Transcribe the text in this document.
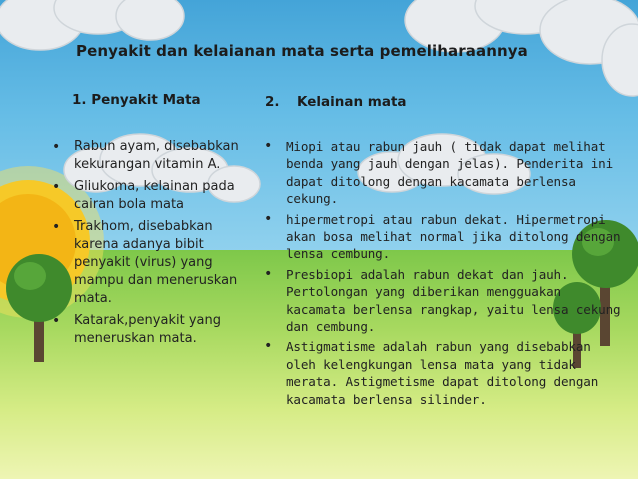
Penyakit dan kelaianan mata serta pemeliharaannya
1. Penyakit Mata	2. Kelainan mata
• Rabun ayam, disebabkan kekurangan vitamin A.
• Gliukoma, kelainan pada cairan bola mata
• Trakhom, disebabkan karena adanya bibit penyakit (virus) yang mampu dan meneruskan mata.
• Katarak,penyakit yang meneruskan mata.
• Miopi atau rabun jauh ( tidak dapat melihat benda yang jauh dengan jelas). Penderita ini dapat ditolong dengan kacamata berlensa cekung.
• hipermetropi atau rabun dekat. Hipermetropi akan bosa melihat normal jika ditolong dengan lensa cembung.
• Presbiopi adalah rabun dekat dan jauh. Pertolongan yang diberikan mengguakan kacamata berlensa rangkap, yaitu lensa cekung dan cembung.
• Astigmatisme adalah rabun yang disebabkan oleh kelengkungan lensa mata yang tidak merata. Astigmetisme dapat ditolong dengan kacamata berlensa silinder.
